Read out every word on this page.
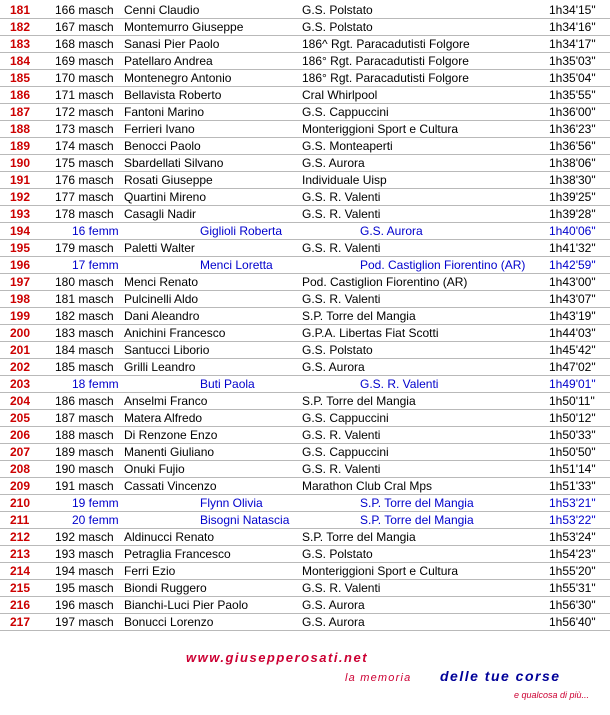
181 166 masch Cenni Claudio	G.S. Polstato	1h34'15"
182 167 masch Montemurro Giuseppe	G.S. Polstato	1h34'16"
183 168 masch Sanasi Pier Paolo	186^ Rgt. Paracadutisti Folgore	1h34'17"
184 169 masch Patellaro Andrea	186° Rgt. Paracadutisti Folgore	1h35'03"
185 170 masch Montenegro Antonio	186° Rgt. Paracadutisti Folgore	1h35'04"
186 171 masch Bellavista Roberto	Cral Whirlpool	1h35'55"
187 172 masch Fantoni Marino	G.S. Cappuccini	1h36'00"
188 173 masch Ferrieri Ivano	Monteriggioni Sport e Cultura	1h36'23"
189 174 masch Benocci Paolo	G.S. Monteaperti	1h36'56"
190 175 masch Sbardellati Silvano	G.S. Aurora	1h38'06"
191 176 masch Rosati Giuseppe	Individuale Uisp	1h38'30"
192 177 masch Quartini Mireno	G.S. R. Valenti	1h39'25"
193 178 masch Casagli Nadir	G.S. R. Valenti	1h39'28"
194	16 femm	Giglioli Roberta	G.S. Aurora	1h40'06"
195 179 masch Paletti Walter	G.S. R. Valenti	1h41'32"
196	17 femm	Menci Loretta	Pod. Castiglion Fiorentino (AR) 1h42'59"
197 180 masch Menci Renato	Pod. Castiglion Fiorentino (AR)	1h43'00"
198 181 masch Pulcinelli Aldo	G.S. R. Valenti	1h43'07"
199 182 masch Dani Aleandro	S.P. Torre del Mangia	1h43'19"
200 183 masch Anichini Francesco	G.P.A. Libertas Fiat Scotti	1h44'03"
201 184 masch Santucci Liborio	G.S. Polstato	1h45'42"
202 185 masch Grilli Leandro	G.S. Aurora	1h47'02"
203	18 femm	Buti Paola	G.S. R. Valenti	1h49'01"
204 186 masch Anselmi Franco	S.P. Torre del Mangia	1h50'11"
205 187 masch Matera Alfredo	G.S. Cappuccini	1h50'12"
206 188 masch Di Renzone Enzo	G.S. R. Valenti	1h50'33"
207 189 masch Manenti Giuliano	G.S. Cappuccini	1h50'50"
208 190 masch Onuki Fujio	G.S. R. Valenti	1h51'14"
209 191 masch Cassati Vincenzo	Marathon Club Cral Mps	1h51'33"
210	19 femm	Flynn Olivia	S.P. Torre del Mangia	1h53'21"
211	20 femm	Bisogni Natascia	S.P. Torre del Mangia	1h53'22"
212 192 masch Aldinucci Renato	S.P. Torre del Mangia	1h53'24"
213 193 masch Petraglia Francesco	G.S. Polstato	1h54'23"
214 194 masch Ferri Ezio	Monteriggioni Sport e Cultura	1h55'20"
215 195 masch Biondi Ruggero	G.S. R. Valenti	1h55'31"
216 196 masch Bianchi-Luci Pier Paolo	G.S. Aurora	1h56'30"
217 197 masch Bonucci Lorenzo	G.S. Aurora	1h56'40"
www.giusepperosati.net
la memoria delle tue corse
e qualcosa di più...
